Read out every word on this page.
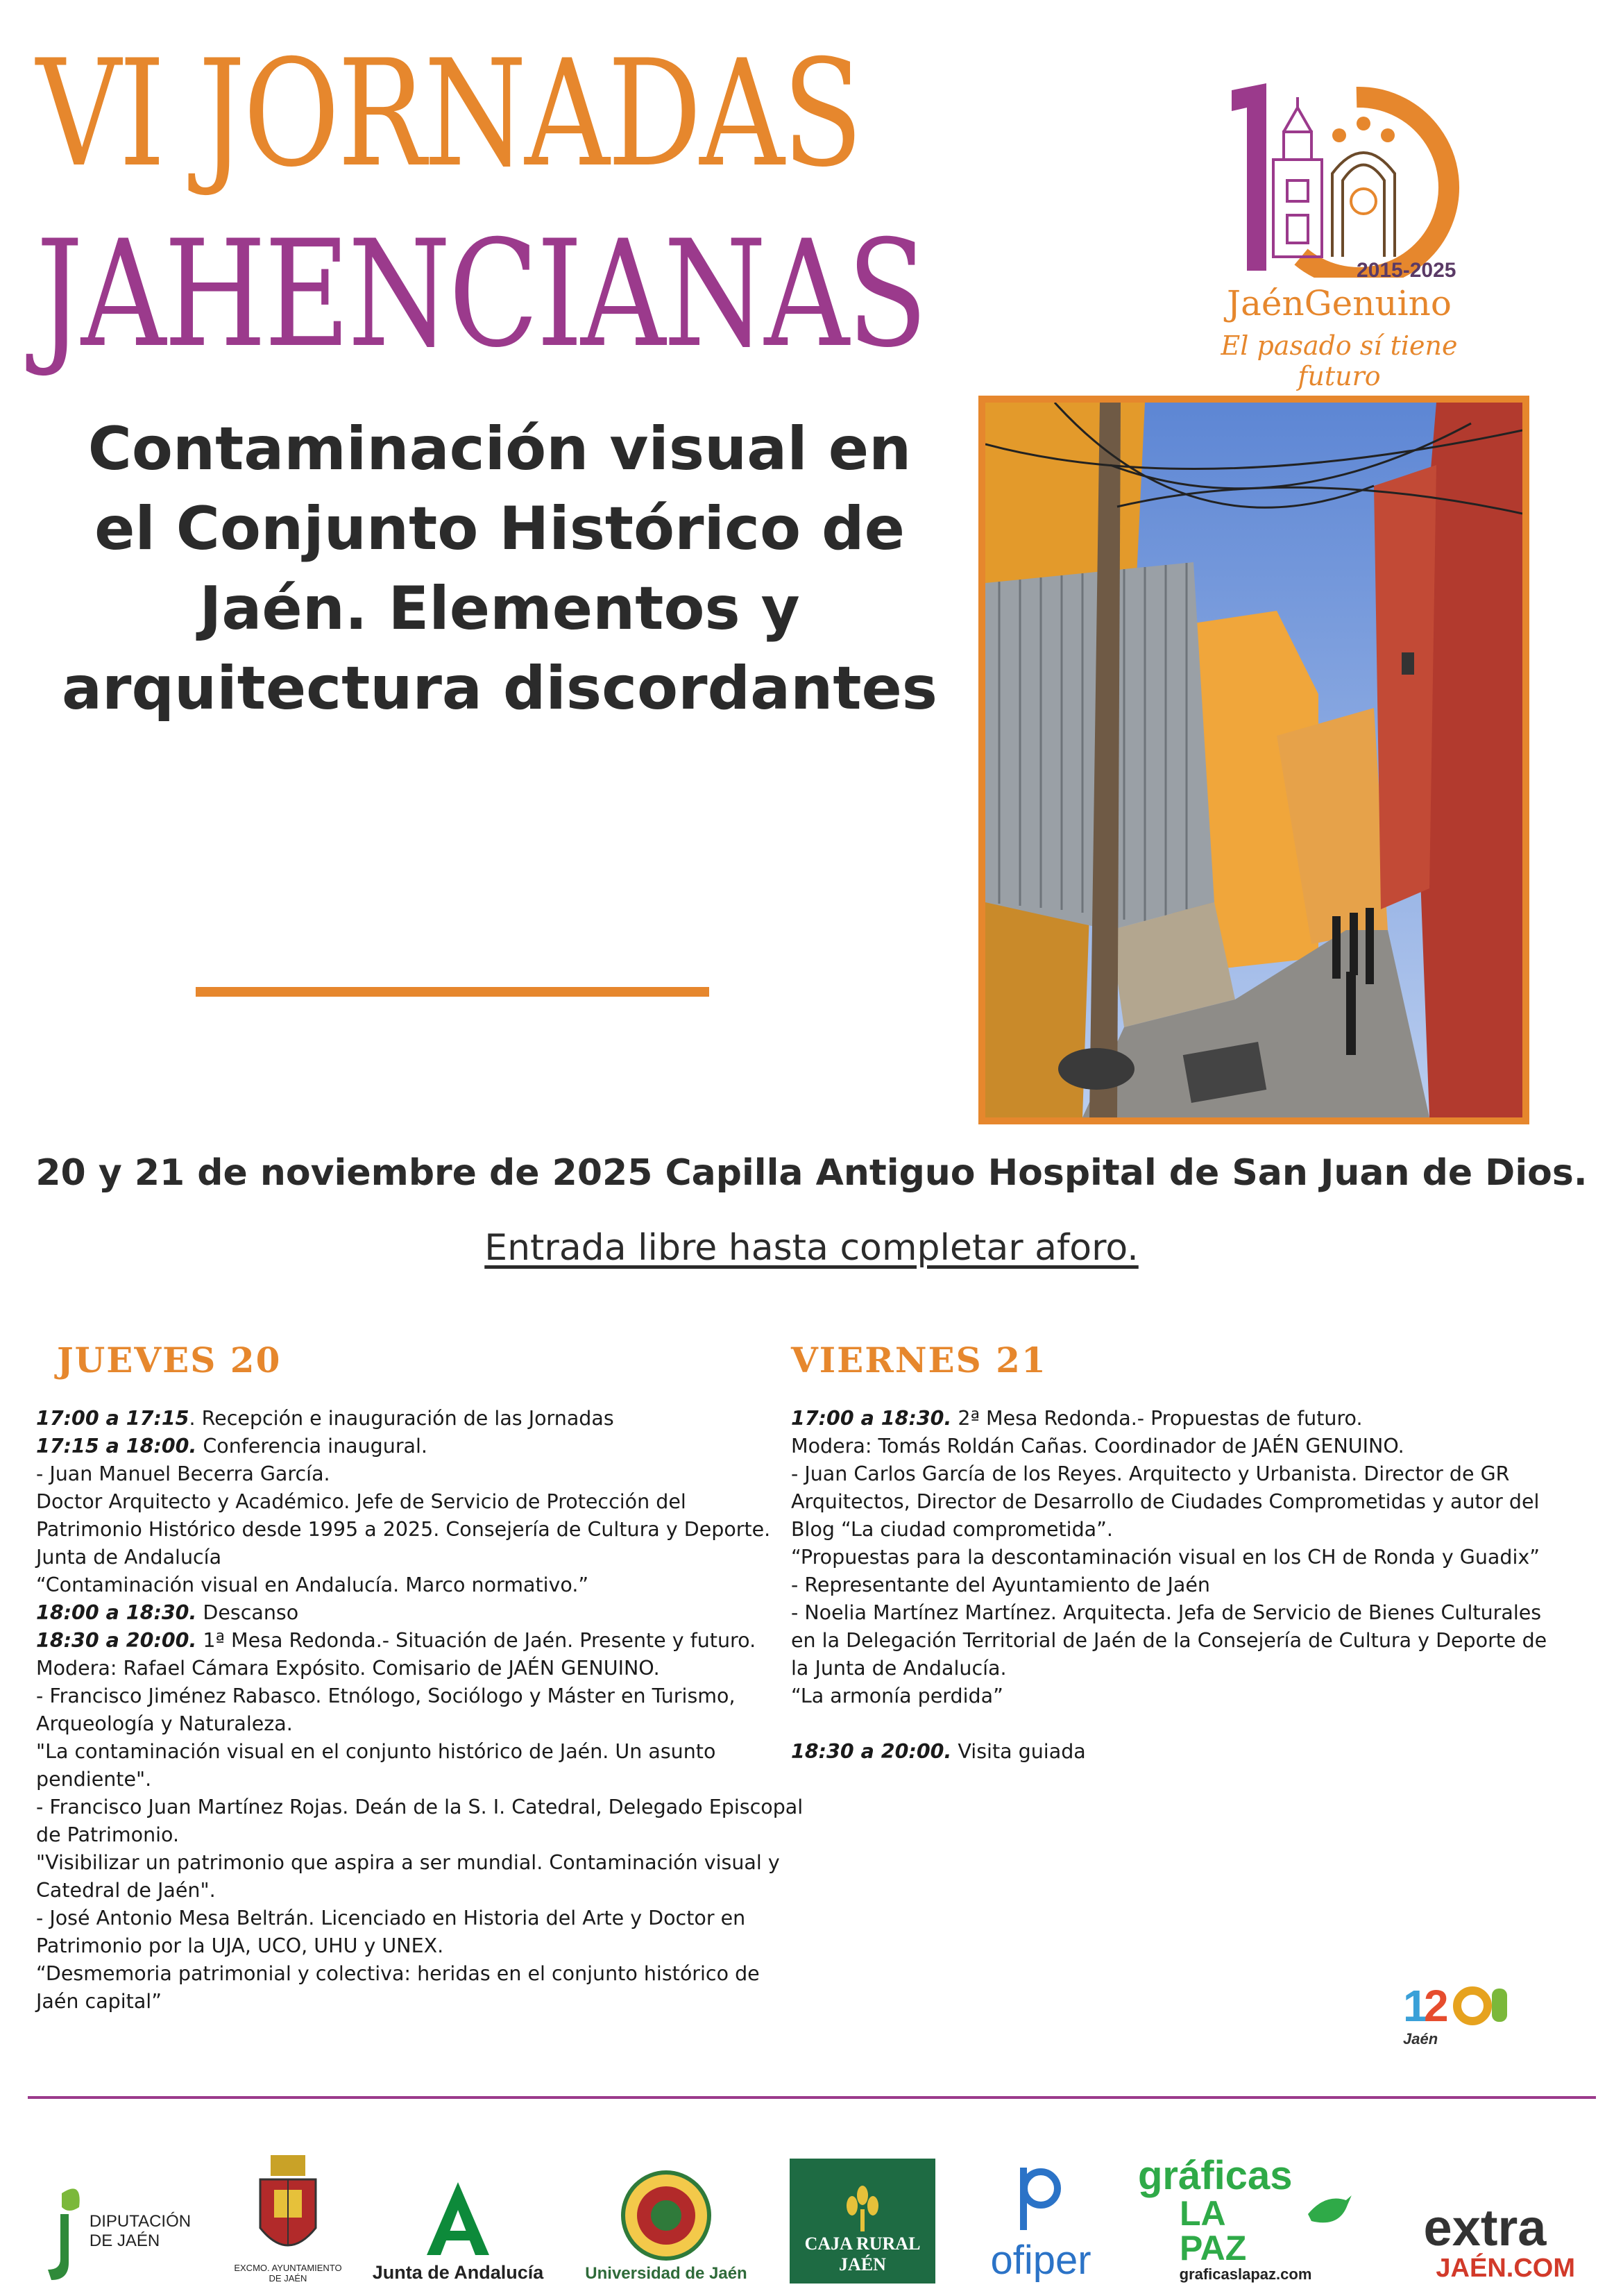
VI JORNADAS
JAHENCIANAS	2015-2025
JaénGenuino
El pasado sí tiene futuro
Contaminación visual en
el Conjunto Histórico de
Jaén. Elementos y
arquitectura discordantes
20 y 21 de noviembre de 2025 Capilla Antiguo Hospital de San Juan de Dios.
Entrada libre hasta completar aforo.
JUEVES 20	VIERNES 21

17:00 a 17:15. Recepción e inauguración de las Jornadas

17:15 a 18:00. Conferencia inaugural.

- Juan Manuel Becerra García.

Doctor Arquitecto y Académico. Jefe de Servicio de Protección del

Patrimonio Histórico desde 1995 a 2025. Consejería de Cultura y Deporte.

Junta de Andalucía

“Contaminación visual en Andalucía. Marco normativo.”

18:00 a 18:30. Descanso

18:30 a 20:00. 1ª Mesa Redonda.- Situación de Jaén. Presente y futuro.

Modera: Rafael Cámara Expósito. Comisario de JAÉN GENUINO.

- Francisco Jiménez Rabasco. Etnólogo, Sociólogo y Máster en Turismo,

Arqueología y Naturaleza.

"La contaminación visual en el conjunto histórico de Jaén. Un asunto

pendiente".

- Francisco Juan Martínez Rojas. Deán de la S. I. Catedral, Delegado Episcopal

de Patrimonio.

"Visibilizar un patrimonio que aspira a ser mundial. Contaminación visual y

Catedral de Jaén".

- José Antonio Mesa Beltrán. Licenciado en Historia del Arte y Doctor en

Patrimonio por la UJA, UCO, UHU y UNEX.

“Desmemoria patrimonial y colectiva: heridas en el conjunto histórico de

Jaén capital”

17:00 a 18:30. 2ª Mesa Redonda.- Propuestas de futuro.

Modera: Tomás Roldán Cañas. Coordinador de JAÉN GENUINO.

- Juan Carlos García de los Reyes. Arquitecto y Urbanista. Director de GR

Arquitectos, Director de Desarrollo de Ciudades Comprometidas y autor del

Blog “La ciudad comprometida”.

“Propuestas para la descontaminación visual en los CH de Ronda y Guadix”

- Representante del Ayuntamiento de Jaén

- Noelia Martínez Martínez. Arquitecta. Jefa de Servicio de Bienes Culturales

en la Delegación Territorial de Jaén de la Consejería de Cultura y Deporte de

la Junta de Andalucía.

“La armonía perdida”

18:30 a 20:00. Visita guiada

1
2
Jaén
DIPUTACIÓN
DE JAÉN
EXCMO. AYUNTAMIENTO
DE JAÉN	Junta de Andalucía	Universidad de Jaén
CAJA RURAL
JAÉN	ofiper
gráficas
LA PAZ
graficaslapaz.com
extra
JAÉN.COM
